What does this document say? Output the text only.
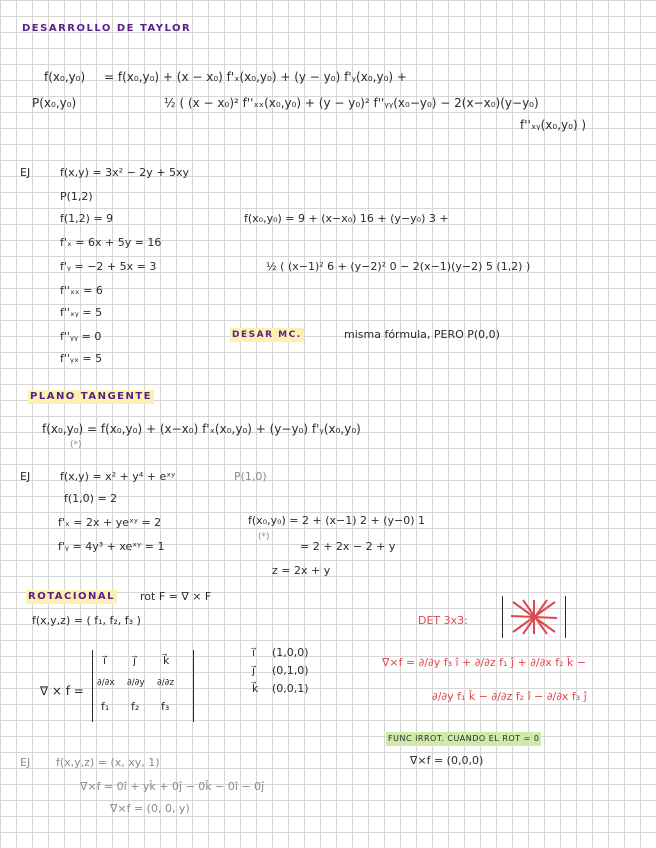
DESARROLLO DE TAYLOR
f(x₀,y₀) = f(x₀,y₀) + (x − x₀) f'ₓ(x₀,y₀) + (y − y₀) f'ᵧ(x₀,y₀) +
P(x₀,y₀)	½ ( (x − x₀)² f''ₓₓ(x₀,y₀) + (y − y₀)² f''ᵧᵧ(x₀−y₀) − 2(x−x₀)(y−y₀)
f''ₓᵧ(x₀,y₀) )
EJ	f(x,y) = 3x² − 2y + 5xy
P(1,2)
f(1,2) = 9
f'ₓ = 6x + 5y = 16
f'ᵧ = −2 + 5x = 3
f''ₓₓ = 6
f''ₓᵧ = 5
f''ᵧᵧ = 0
f''ᵧₓ = 5
f(x₀,y₀) = 9 + (x−x₀) 16 + (y−y₀) 3 +
½ ( (x−1)² 6 + (y−2)² 0 − 2(x−1)(y−2) 5 (1,2) )
DESAR MC.	misma fórmula, PERO P(0,0)
PLANO TANGENTE
f(x₀,y₀) = f(x₀,y₀) + (x−x₀) f'ₓ(x₀,y₀) + (y−y₀) f'ᵧ(x₀,y₀)
(*)
EJ	f(x,y) = x² + y⁴ + eˣʸ	P(1,0)
f(1,0) = 2
f'ₓ = 2x + yeˣʸ = 2
f'ᵧ = 4y³ + xeˣʸ = 1
f(x₀,y₀) = 2 + (x−1) 2 + (y−0) 1
(*)
= 2 + 2x − 2 + y
z = 2x + y
ROTACIONAL rot F = ∇ × F
f(x,y,z) = ( f₁, f₂, f₃ )
∇ × f =
i⃗ j⃗ k⃗
∂/∂x ∂/∂y ∂/∂z
f₁ f₂ f₃
i⃗ (1,0,0)
j⃗ (0,1,0)
k⃗ (0,0,1)
DET 3x3:
∇×f = ∂/∂y f₃ î + ∂/∂z f₁ ĵ + ∂/∂x f₂ k̂ −
∂/∂y f₁ k̂ − ∂/∂z f₂ î − ∂/∂x f₃ ĵ
FUNC IRROT. CUANDO EL ROT = 0
∇×f = (0,0,0)
EJ f(x,y,z) = (x, xy, 1)
∇×f = 0î + yk̂ + 0ĵ − 0k̂ − 0î − 0ĵ
∇×f = (0, 0, y)
